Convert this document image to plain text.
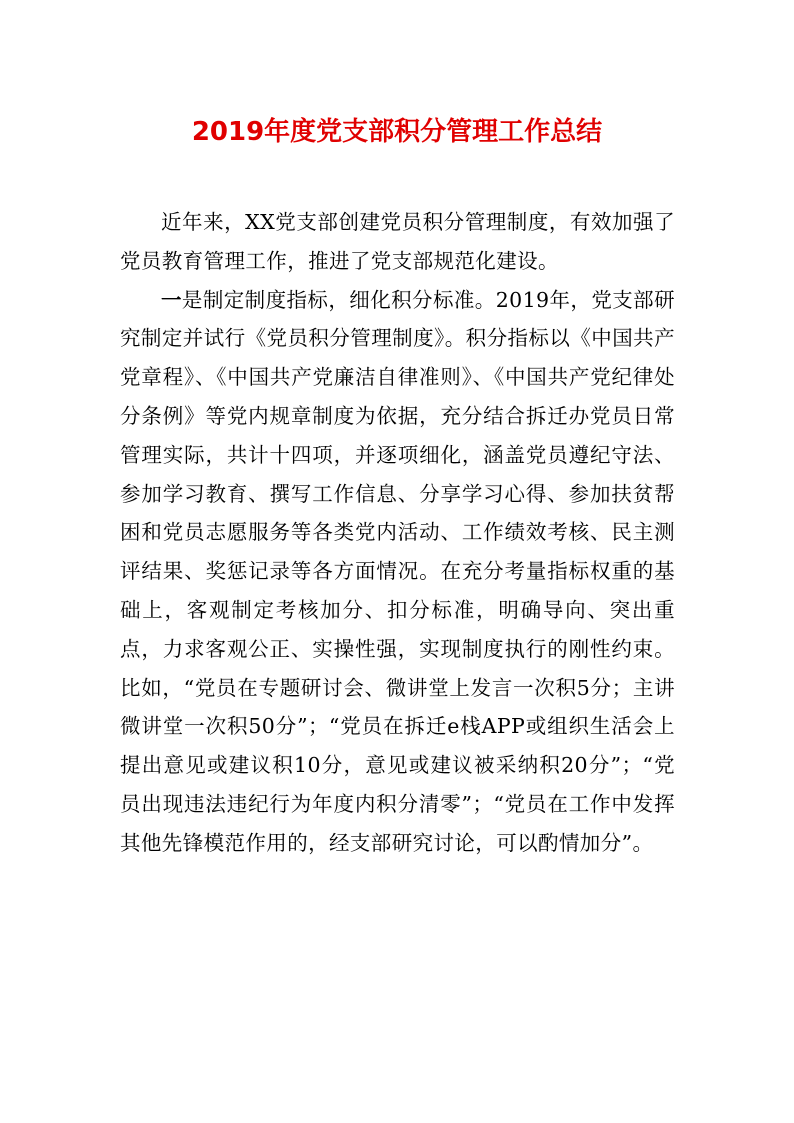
2019年度党支部积分管理工作总结

近年来，XX党支部创建党员积分管理制度，有效加强了党员教育管理工作，推进了党支部规范化建设。

一是制定制度指标，细化积分标准。2019年，党支部研究制定并试行《党员积分管理制度》。积分指标以《中国共产党章程》、《中国共产党廉洁自律准则》、《中国共产党纪律处分条例》等党内规章制度为依据，充分结合拆迁办党员日常管理实际，共计十四项，并逐项细化，涵盖党员遵纪守法、参加学习教育、撰写工作信息、分享学习心得、参加扶贫帮困和党员志愿服务等各类党内活动、工作绩效考核、民主测评结果、奖惩记录等各方面情况。在充分考量指标权重的基础上，客观制定考核加分、扣分标准，明确导向、突出重点，力求客观公正、实操性强，实现制度执行的刚性约束。比如，“党员在专题研讨会、微讲堂上发言一次积5分；主讲微讲堂一次积50分”；“党员在拆迁e栈APP或组织生活会上提出意见或建议积10分，意见或建议被采纳积20分”；“党员出现违法违纪行为年度内积分清零”；“党员在工作中发挥其他先锋模范作用的，经支部研究讨论，可以酌情加分”。
